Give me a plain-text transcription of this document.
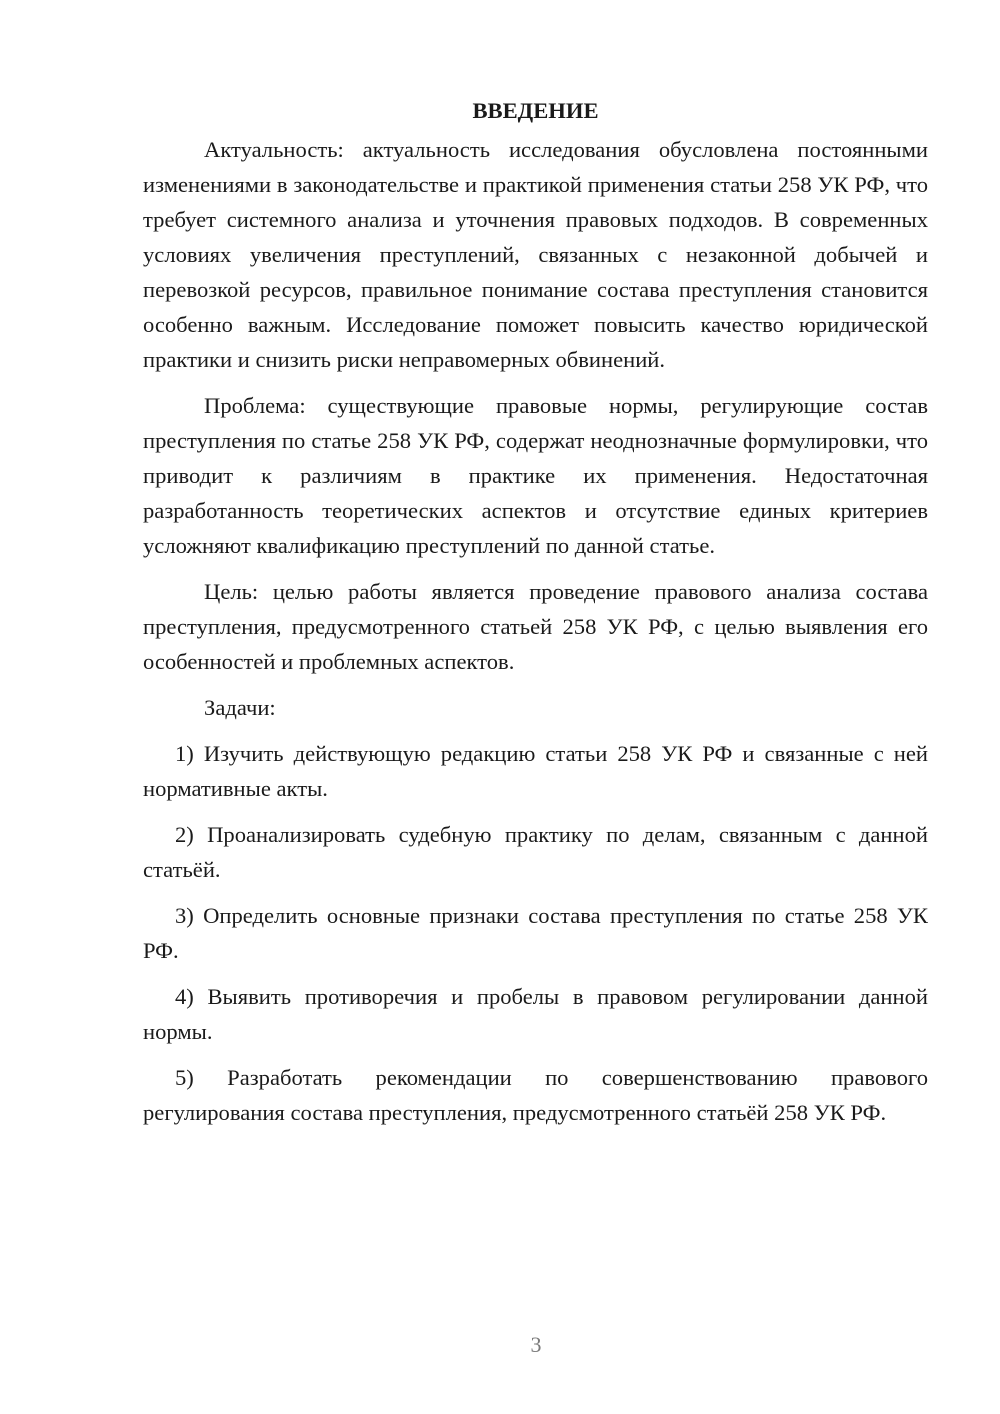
ВВЕДЕНИЕ

Актуальность: актуальность исследования обусловлена постоянными изменениями в законодательстве и практикой применения статьи 258 УК РФ, что требует системного анализа и уточнения правовых подходов. В современных условиях увеличения преступлений, связанных с незаконной добычей и перевозкой ресурсов, правильное понимание состава преступления становится особенно важным. Исследование поможет повысить качество юридической практики и снизить риски неправомерных обвинений.

Проблема: существующие правовые нормы, регулирующие состав преступления по статье 258 УК РФ, содержат неоднозначные формулировки, что приводит к различиям в практике их применения. Недостаточная разработанность теоретических аспектов и отсутствие единых критериев усложняют квалификацию преступлений по данной статье.

Цель: целью работы является проведение правового анализа состава преступления, предусмотренного статьей 258 УК РФ, с целью выявления его особенностей и проблемных аспектов.

Задачи:

1) Изучить действующую редакцию статьи 258 УК РФ и связанные с ней нормативные акты.

2) Проанализировать судебную практику по делам, связанным с данной статьёй.

3) Определить основные признаки состава преступления по статье 258 УК РФ.

4) Выявить противоречия и пробелы в правовом регулировании данной нормы.

5) Разработать рекомендации по совершенствованию правового регулирования состава преступления, предусмотренного статьёй 258 УК РФ.

3
